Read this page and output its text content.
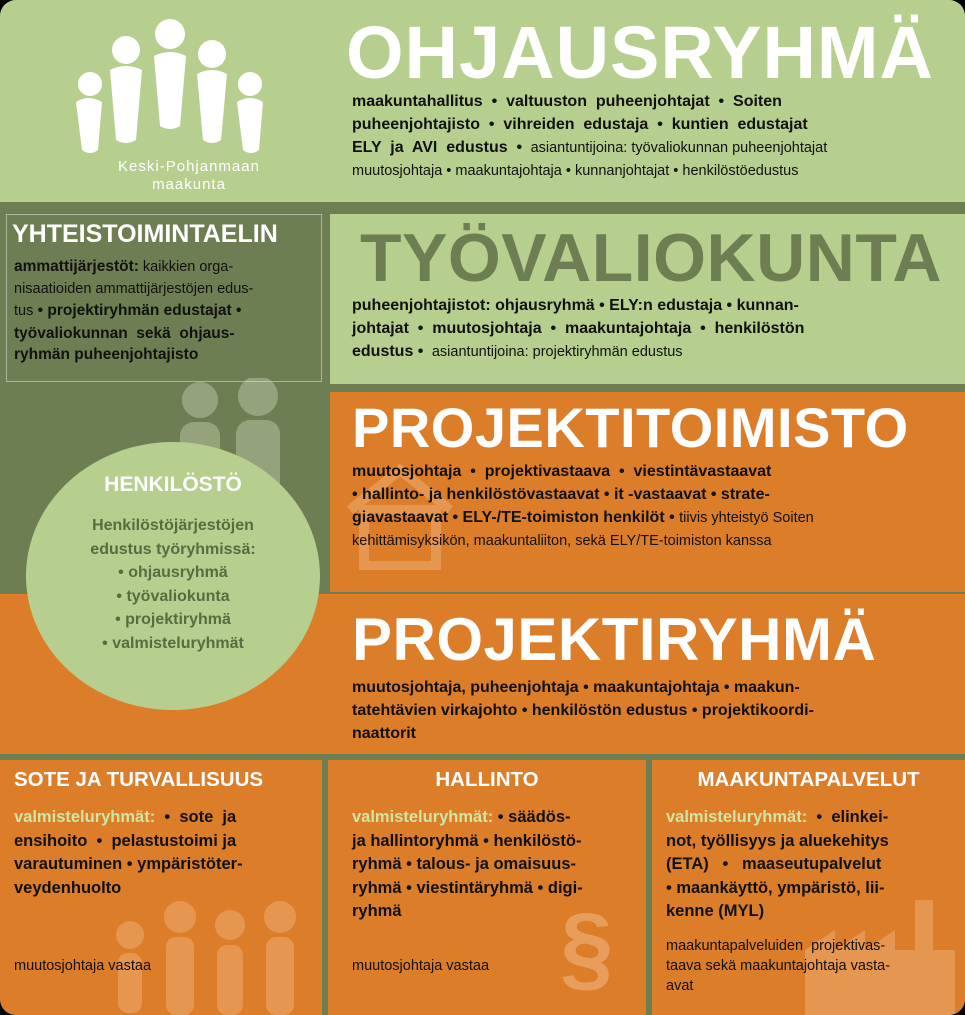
Keski-Pohjanmaan
maakunta
OHJAUSRYHMÄ
maakuntahallitus  •  valtuuston  puheenjohtajat  •  Soiten
puheenjohtajisto  •  vihreiden  edustaja  •  kuntien  edustajat
ELY  ja  AVI  edustus  •  asiantuntijoina: työvaliokunnan puheenjohtajat
muutosjohtaja • maakuntajohtaja • kunnanjohtajat • henkilöstöedustus
YHTEISTOIMINTAELIN
ammattijärjestöt: kaikkien orga-
nisaatioiden ammattijärjestöjen edus-
tus • projektiryhmän edustajat •
työvaliokunnan  sekä  ohjaus-
ryhmän puheenjohtajisto
TYÖVALIOKUNTA
puheenjohtajistot: ohjausryhmä • ELY:n edustaja • kunnan-
johtajat  •  muutosjohtaja  •  maakuntajohtaja  •  henkilöstön
edustus •  asiantuntijoina: projektiryhmän edustus
PROJEKTITOIMISTO
muutosjohtaja  •  projektivastaava  •  viestintävastaavat
• hallinto- ja henkilöstövastaavat • it -vastaavat • strate-
giavastaavat • ELY-/TE-toimiston henkilöt • tiivis yhteistyö Soiten
kehittämisyksikön, maakuntaliiton, sekä ELY/TE-toimiston kanssa
PROJEKTIRYHMÄ
muutosjohtaja, puheenjohtaja • maakuntajohtaja • maakun-
tatehtävien virkajohto • henkilöstön edustus • projektikoordi-
naattorit
HENKILÖSTÖ
Henkilöstöjärjestöjen
edustus työryhmissä:
• ohjausryhmä
• työvaliokunta
• projektiryhmä
• valmisteluryhmät
§
SOTE JA TURVALLISUUS
valmisteluryhmät:  •  sote  ja
ensihoito  •  pelastustoimi ja
varautuminen • ympäristöter-
veydenhuolto
muutosjohtaja vastaa
HALLINTO
valmisteluryhmät: • säädös-
ja hallintoryhmä • henkilöstö-
ryhmä • talous- ja omaisuus-
ryhmä • viestintäryhmä • digi-
ryhmä
muutosjohtaja vastaa
MAAKUNTAPALVELUT
valmisteluryhmät:  •  elinkei-
not, työllisyys ja aluekehitys
(ETA)   •   maaseutupalvelut
• maankäyttö, ympäristö, lii-
kenne (MYL)
maakuntapalveluiden  projektivas-
taava sekä maakuntajohtaja vasta-
avat
